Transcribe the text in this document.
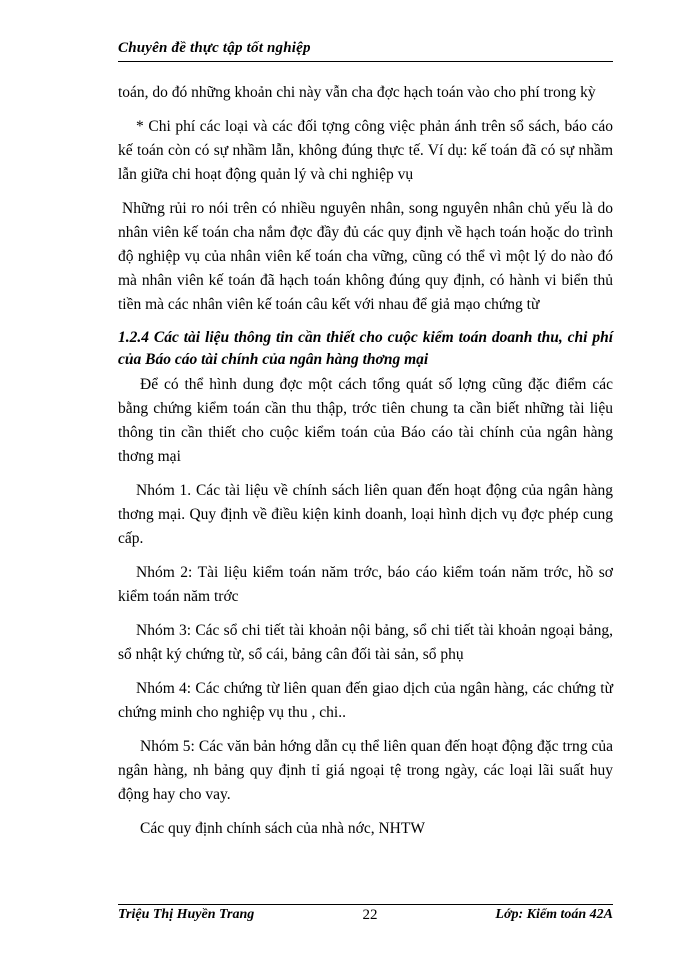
Chuyên đề thực tập tốt nghiệp

toán, do đó những khoản chi này vẫn cha đợc hạch toán vào cho phí trong kỳ

* Chi phí các loại và các đối tợng công việc phản ánh trên sổ sách, báo cáo kế toán còn có sự nhầm lẫn, không đúng thực tế. Ví dụ: kế toán đã có sự nhầm lẫn giữa chi hoạt động quản lý và chi nghiệp vụ

Những rủi ro nói trên có nhiều nguyên nhân, song nguyên nhân chủ yếu là do nhân viên kế toán cha nắm đợc đầy đủ các quy định về hạch toán hoặc do trình độ nghiệp vụ của nhân viên kế toán cha vững, cũng có thể vì một lý do nào đó mà nhân viên kế toán đã hạch toán không đúng quy định, có hành vi biển thủ tiền mà các nhân viên kế toán câu kết với nhau để giả mạo chứng từ

1.2.4 Các tài liệu thông tin cần thiết cho cuộc kiểm toán doanh thu, chi phí của Báo cáo tài chính của ngân hàng thơng mại

Để có thể hình dung đợc một cách tổng quát số lợng cũng đặc điểm các bằng chứng kiểm toán cần thu thập, trớc tiên chung ta cần biết những tài liệu thông tin cần thiết cho cuộc kiểm toán của Báo cáo tài chính của ngân hàng thơng mại

Nhóm 1. Các tài liệu về chính sách liên quan đến hoạt động của ngân hàng thơng mại. Quy định về điều kiện kinh doanh, loại hình dịch vụ đợc phép cung cấp.

Nhóm 2: Tài liệu kiểm toán năm trớc, báo cáo kiểm toán năm trớc, hồ sơ kiểm toán năm trớc

Nhóm 3: Các sổ chi tiết tài khoản nội bảng, sổ chi tiết tài khoản ngoại bảng, sổ nhật ký chứng từ, sổ cái, bảng cân đối tài sản, sổ phụ

Nhóm 4: Các chứng từ liên quan đến giao dịch của ngân hàng, các chứng từ chứng minh cho nghiệp vụ thu , chi..

Nhóm 5: Các văn bản hớng dẫn cụ thể liên quan đến hoạt động đặc trng của ngân hàng, nh bảng quy định tỉ giá ngoại tệ trong ngày, các loại lãi suất huy động hay cho vay.

Các quy định chính sách của nhà nớc, NHTW

Triệu Thị Huyền Trang	22	Lớp: Kiểm toán 42A
